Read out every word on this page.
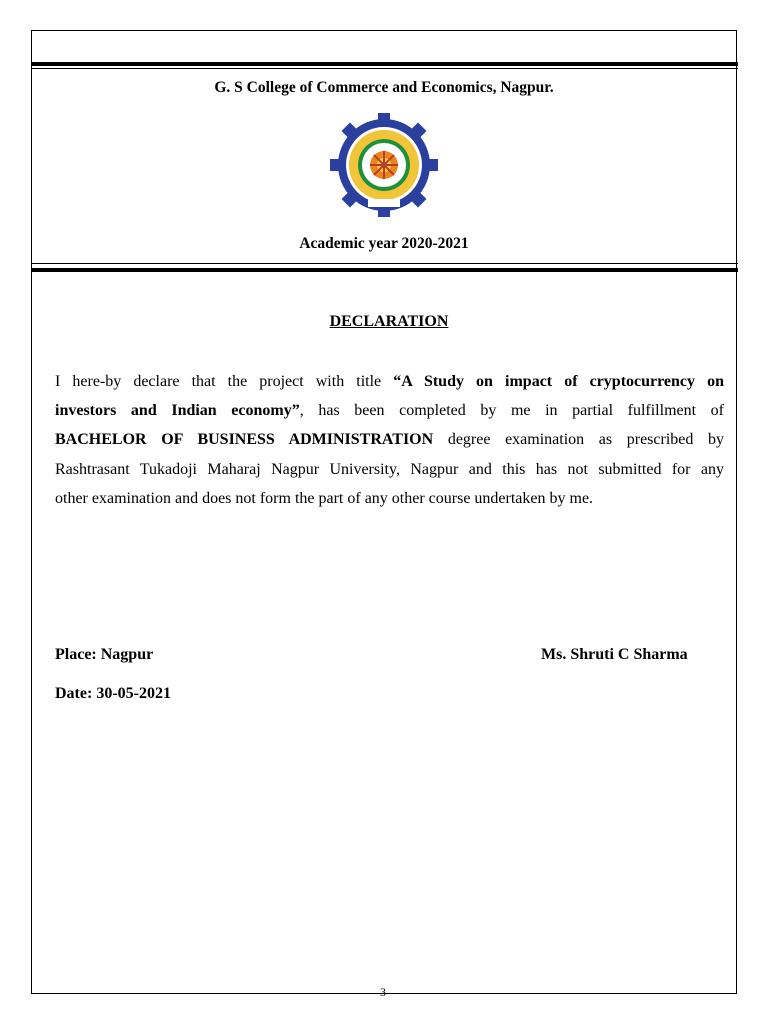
G. S College of Commerce and Economics, Nagpur.
Academic year 2020-2021
DECLARATION
I here-by declare that the project with title “A Study on impact of cryptocurrency on
investors and Indian economy”, has been completed by me in partial fulfillment of
BACHELOR OF BUSINESS ADMINISTRATION degree examination as prescribed by
Rashtrasant Tukadoji Maharaj Nagpur University, Nagpur and this has not submitted for any
other examination and does not form the part of any other course undertaken by me.
Place: Nagpur	Ms. Shruti C Sharma
Date: 30-05-2021
3
